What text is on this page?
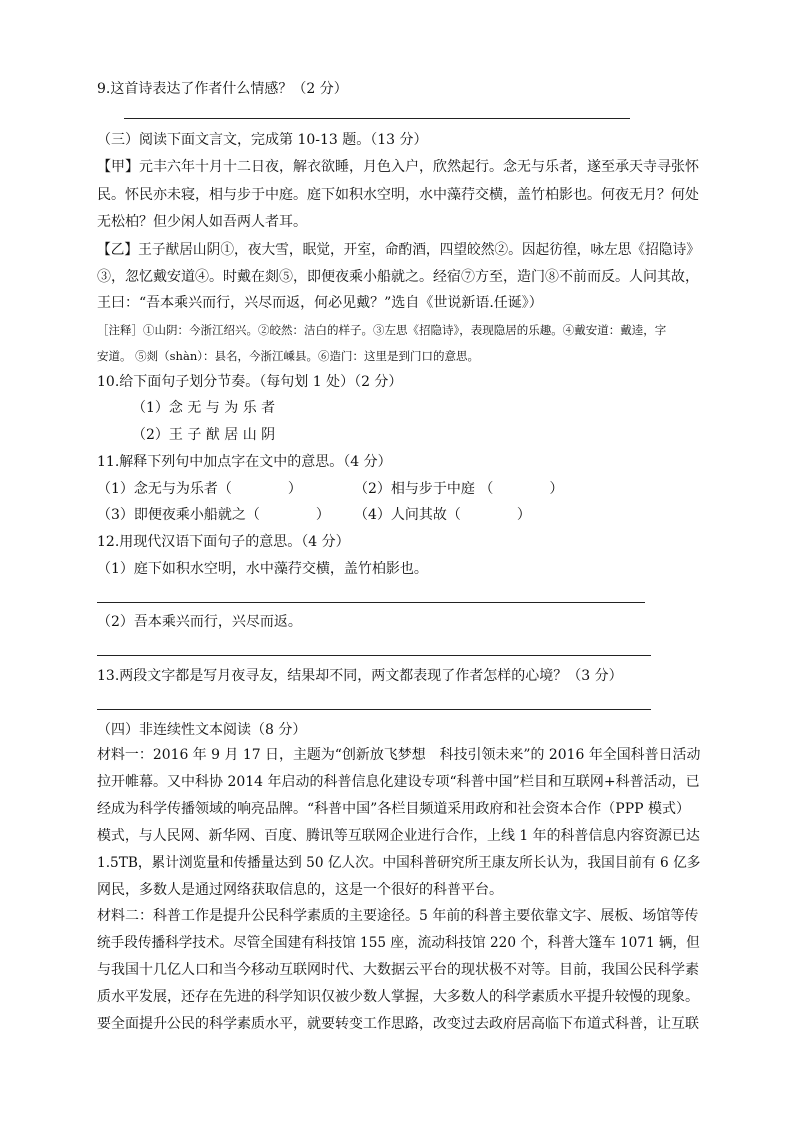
9.这首诗表达了作者什么情感？（2 分）
（三）阅读下面文言文，完成第 10-13 题。（13 分）
【甲】元丰六年十月十二日夜，解衣欲睡，月色入户，欣然起行。念无与乐者，遂至承天寺寻张怀
民。怀民亦未寝，相与步于中庭。庭下如积水空明，水中藻荇交横，盖竹柏影也。何夜无月？何处
无松柏？但少闲人如吾两人者耳。
【乙】王子猷居山阴①，夜大雪，眠觉，开室，命酌酒，四望皎然②。因起彷徨，咏左思《招隐诗》
③，忽忆戴安道④。时戴在剡⑤，即便夜乘小船就之。经宿⑦方至，造门⑧不前而反。人问其故，
王曰：“吾本乘兴而行，兴尽而返，何必见戴？”选自《世说新语.任诞》）
［注释］①山阴：今浙江绍兴。②皎然：洁白的样子。③左思《招隐诗》，表现隐居的乐趣。④戴安道：戴逵，字
安道。 ⑤剡（shàn）：县名，今浙江嵊县。⑥造门：这里是到门口的意思。
10.给下面句子划分节奏。（每句划 1 处）（2 分）
（1）念 无 与 为 乐 者
（2）王 子 猷 居 山 阴
11.解释下列句中加点字在文中的意思。（4 分）
（1）念无与为乐者（　　　　）	（2）相与步于中庭 （　　　　）
（3）即便夜乘小船就之（　　　　） （4）人问其故（　　　　）
12.用现代汉语下面句子的意思。（4 分）
（1）庭下如积水空明，水中藻荇交横，盖竹柏影也。
（2）吾本乘兴而行，兴尽而返。
13.两段文字都是写月夜寻友，结果却不同，两文都表现了作者怎样的心境？（3 分）
（四）非连续性文本阅读（8 分）
材料一：2016 年 9 月 17 日，主题为“创新放飞梦想　科技引领未来”的 2016 年全国科普日活动
拉开帷幕。又中科协 2014 年启动的科普信息化建设专项“科普中国”栏目和互联网+科普活动，已
经成为科学传播领域的响亮品牌。“科普中国”各栏目频道采用政府和社会资本合作（PPP 模式）
模式，与人民网、新华网、百度、腾讯等互联网企业进行合作，上线 1 年的科普信息内容资源已达
1.5TB，累计浏览量和传播量达到 50 亿人次。中国科普研究所王康友所长认为，我国目前有 6 亿多
网民，多数人是通过网络获取信息的，这是一个很好的科普平台。
材料二：科普工作是提升公民科学素质的主要途径。5 年前的科普主要依靠文字、展板、场馆等传
统手段传播科学技术。尽管全国建有科技馆 155 座，流动科技馆 220 个，科普大篷车 1071 辆，但
与我国十几亿人口和当今移动互联网时代、大数据云平台的现状极不对等。目前，我国公民科学素
质水平发展，还存在先进的科学知识仅被少数人掌握，大多数人的科学素质水平提升较慢的现象。
要全面提升公民的科学素质水平，就要转变工作思路，改变过去政府居高临下布道式科普，让互联
